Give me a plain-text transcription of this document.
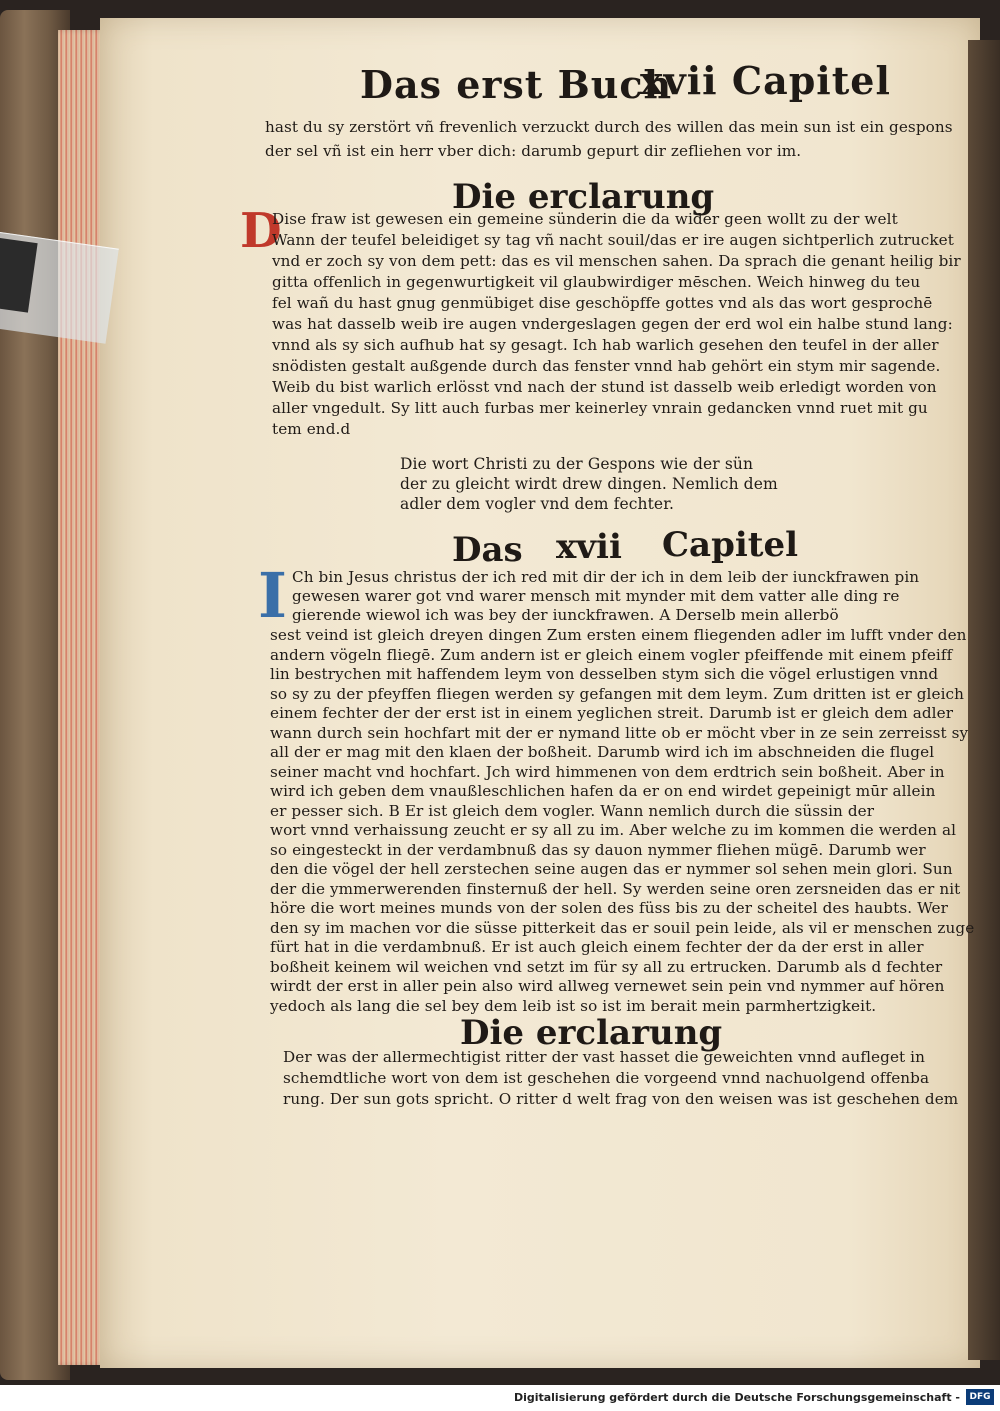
Das erst Buch
xvii Capitel
hast du sy zerstört vñ frevenlich verzuckt durch des willen das mein sun ist ein gespons
der sel vñ ist ein herr vber dich: darumb gepurt dir zefliehen vor im.
Die erclarung
D
Dise fraw ist gewesen ein gemeine sünderin die da wider geen wollt zu der welt
Wann der teufel beleidiget sy tag vñ nacht souil/das er ire augen sichtperlich zutrucket
vnd er zoch sy von dem pett: das es vil menschen sahen. Da sprach die genant heilig bir
gitta offenlich in gegenwurtigkeit vil glaubwirdiger mēschen. Weich hinweg du teu
fel wañ du hast gnug genmübiget dise geschöpffe gottes vnd als das wort gesprochē
was hat dasselb weib ire augen vndergeslagen gegen der erd wol ein halbe stund lang:
vnnd als sy sich aufhub hat sy gesagt. Ich hab warlich gesehen den teufel in der aller
snödisten gestalt außgende durch das fenster vnnd hab gehört ein stym mir sagende.
Weib du bist warlich erlösst vnd nach der stund ist dasselb weib erledigt worden von
aller vngedult. Sy litt auch furbas mer keinerley vnrain gedancken vnnd ruet mit gu
tem end.d
Die wort Christi zu der Gespons wie der sün
der zu gleicht wirdt drew dingen. Nemlich dem
adler dem vogler vnd dem fechter.
Das xvii Capitel
I Ch bin Jesus christus der ich red mit dir der ich in dem leib der iunckfrawen pin
gewesen warer got vnd warer mensch mit mynder mit dem vatter alle ding re
gierende wiewol ich was bey der iunckfrawen. A Derselb mein allerbö
sest veind ist gleich dreyen dingen Zum ersten einem fliegenden adler im lufft vnder den
andern vögeln fliegē. Zum andern ist er gleich einem vogler pfeiffende mit einem pfeiff
lin bestrychen mit haffendem leym von desselben stym sich die vögel erlustigen vnnd
so sy zu der pfeyffen fliegen werden sy gefangen mit dem leym. Zum dritten ist er gleich
einem fechter der der erst ist in einem yeglichen streit. Darumb ist er gleich dem adler
wann durch sein hochfart mit der er nymand litte ob er möcht vber in ze sein zerreisst sy
all der er mag mit den klaen der boßheit. Darumb wird ich im abschneiden die flugel
seiner macht vnd hochfart. Jch wird himmenen von dem erdtrich sein boßheit. Aber in
wird ich geben dem vnaußleschlichen hafen da er on end wirdet gepeinigt mūr allein
er pesser sich. B Er ist gleich dem vogler. Wann nemlich durch die süssin der
wort vnnd verhaissung zeucht er sy all zu im. Aber welche zu im kommen die werden al
so eingesteckt in der verdambnuß das sy dauon nymmer fliehen mügē. Darumb wer
den die vögel der hell zerstechen seine augen das er nymmer sol sehen mein glori. Sun
der die ymmerwerenden finsternuß der hell. Sy werden seine oren zersneiden das er nit
höre die wort meines munds von der solen des füss bis zu der scheitel des haubts. Wer
den sy im machen vor die süsse pitterkeit das er souil pein leide, als vil er menschen zuge
fürt hat in die verdambnuß. Er ist auch gleich einem fechter der da der erst in aller
boßheit keinem wil weichen vnd setzt im für sy all zu ertrucken. Darumb als d fechter
wirdt der erst in aller pein also wird allweg vernewet sein pein vnd nymmer auf hören
yedoch als lang die sel bey dem leib ist so ist im berait mein parmhertzigkeit.
Die erclarung
Der was der allermechtigist ritter der vast hasset die geweichten vnnd aufleget in
schemdtliche wort von dem ist geschehen die vorgeend vnnd nachuolgend offenba
rung. Der sun gots spricht. O ritter d welt frag von den weisen was ist geschehen dem
Digitalisierung gefördert durch die Deutsche Forschungsgemeinschaft -	DFG
